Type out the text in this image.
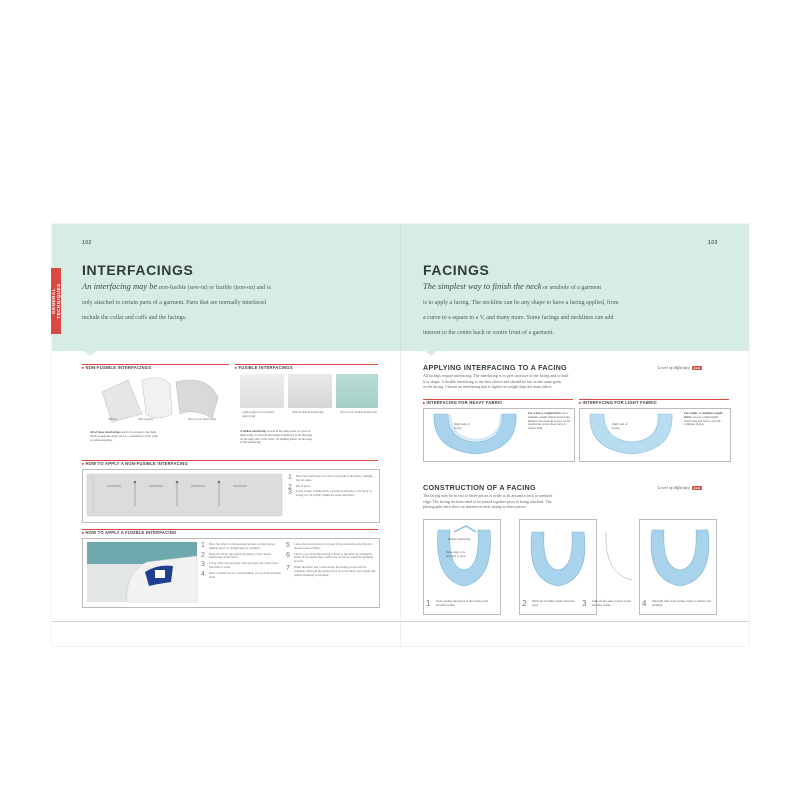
102
GENERAL TECHNIQUES
INTERFACINGS
An interfacing may be non-fusible (sew-in) or fusible (iron-on) and is
only attached to certain parts of a garment. Parts that are normally interfaced
include the collar and cuffs and the facings.
103
FACINGS
The simplest way to finish the neck or armhole of a garment
is to apply a facing. The neckline can be any shape to have a facing applied, from
a curve to a square to a V, and many more. Some facings and necklines can add
interest to the centre back or centre front of a garment.
▸NON-FUSIBLE INTERFACINGS
Muslin	Silk organza	Non-woven interfacing
All of these interfacings need to be tacked to the main
fabric around the edges prior to construction of the work
or seam neatening.
▸FUSIBLE INTERFACINGS
Lightweight woven fusible interfacing
Knitted fusible interfacing	Non-woven fusible interfacing
A fusible interfacing is used in the same areas as a sew-in
interfacing. To prevent the fusible interfacing from showing
on the right side of the work, cut pinking shears on the edge
of the interfacing.
▸HOW TO APPLY A NON-FUSIBLE INTERFACING
1 Place the interfacing on to the wrong side of the fabric, aligning the cut edges.
2 Pin in place.
3 Using a basic tacking stitch, tack the interfacing to the fabric or facing at 1cm (3/8in) within the seam allowance.
▸HOW TO APPLY A FUSIBLE INTERFACING
1 Place the fabric on the pressing surface, wrong side up, making sure it is straight and not wrinkled.
2 Place the sticky side (that feels gritty) of the chosen interfacing on the fabric.
3 Cover with a dry pressing cloth and spray the cloth with a fine mist of water.
4 Place a steam iron on a steam setting, on top of the pressing cloth.
5 Leave the iron in place for at least 10 seconds before moving it to the next area of fabric.
6 Check to see if the interfacing is fused to the fabric by rolling the fabric. If the interfacing is still loose in places, repeat the pressing process.
7 When the fabric has cooled down, the fusing process will be complete. Then pin the pattern back on to the fabric and transfer the pattern markings as required.
APPLYING INTERFACING TO A FACING	Level of difficulty ●●●
All facings require interfacing. The interfacing is to give structure to the facing and to hold
it in shape. A fusible interfacing is the best choice and should be cut on the same grain
as the facing. Choose an interfacing that is lighter in weight than the main fabric.
▸INTERFACING FOR HEAVY FABRIC
Right side of facing
For a heavy-weight fabric use a medium-weight fusible interfacing. Remove the seam allowance on the interfacing on the inner curve to reduce bulk.
▸INTERFACING FOR LIGHT FABRIC
Right side of facing
For a light- to medium-weight fabric, choose a lightweight interfacing and fuse it over the complete facing.
CONSTRUCTION OF A FACING	Level of difficulty ●●●
The facing may be in two or three pieces in order to fit around a neck or armhole
edge. The facing sections need to be joined together prior to being attached. The
photographs here show an interfaced neck facing in three pieces.
Fusible interfacing
Inner edge to be attached to neck
1 Tack together the pieces of the facing at the shoulder seams.	2 Stitch the shoulder seams and press open.	3 Trim off the outer corners on the shoulder seams.	4 The right side of the facing, ready to attach to the neckline.
